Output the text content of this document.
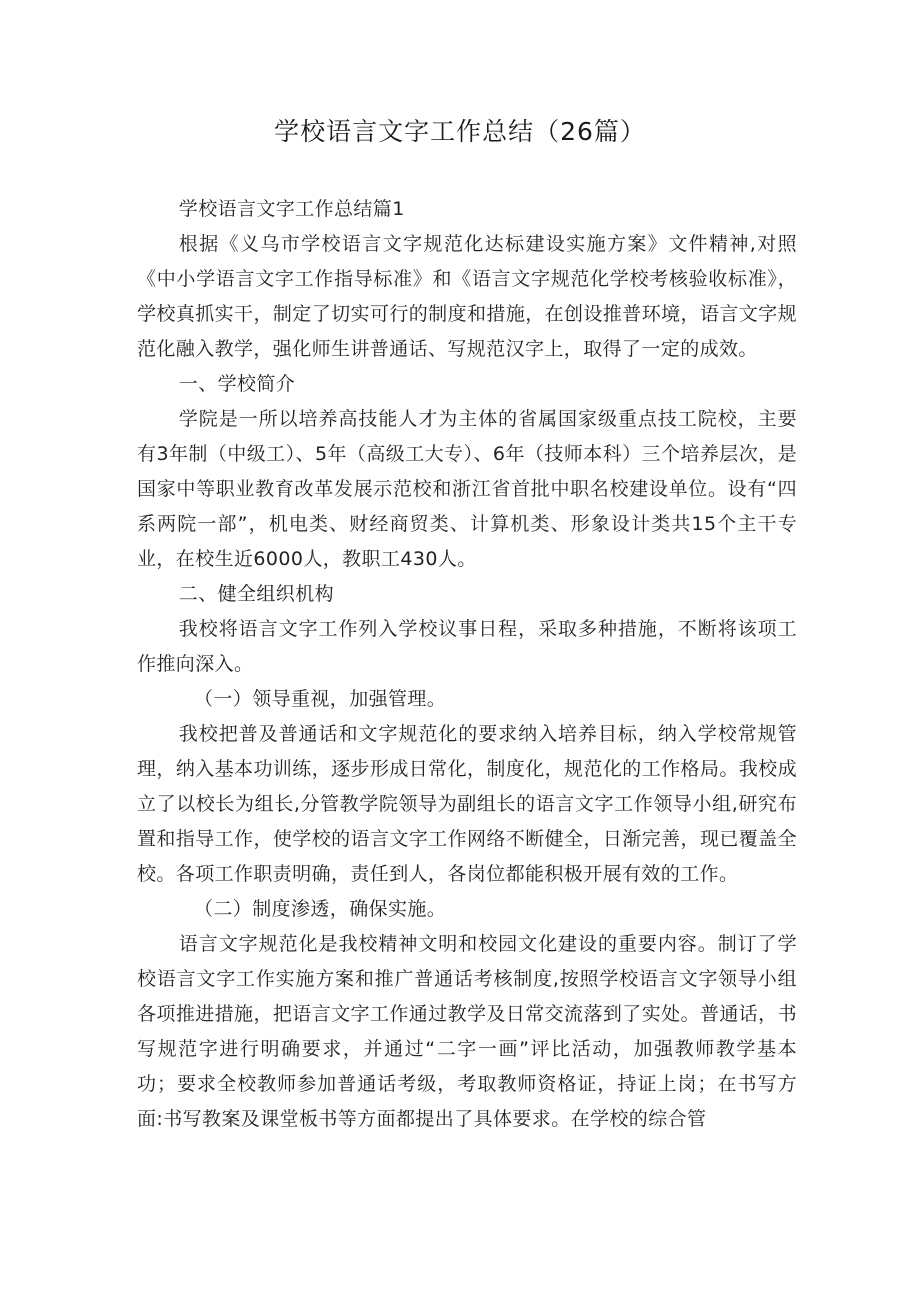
学校语言文字工作总结（26篇）

学校语言文字工作总结篇1

根据《义乌市学校语言文字规范化达标建设实施方案》文件精神,对照《中小学语言文字工作指导标准》和《语言文字规范化学校考核验收标准》，学校真抓实干，制定了切实可行的制度和措施，在创设推普环境，语言文字规范化融入教学，强化师生讲普通话、写规范汉字上，取得了一定的成效。

一、学校简介

学院是一所以培养高技能人才为主体的省属国家级重点技工院校，主要有3年制（中级工）、5年（高级工大专）、6年（技师本科）三个培养层次，是国家中等职业教育改革发展示范校和浙江省首批中职名校建设单位。设有“四系两院一部”，机电类、财经商贸类、计算机类、形象设计类共15个主干专业，在校生近6000人，教职工430人。

二、健全组织机构

我校将语言文字工作列入学校议事日程，采取多种措施，不断将该项工作推向深入。

（一）领导重视，加强管理。

我校把普及普通话和文字规范化的要求纳入培养目标，纳入学校常规管理，纳入基本功训练，逐步形成日常化，制度化，规范化的工作格局。我校成立了以校长为组长,分管教学院领导为副组长的语言文字工作领导小组,研究布置和指导工作，使学校的语言文字工作网络不断健全，日渐完善，现已覆盖全校。各项工作职责明确，责任到人，各岗位都能积极开展有效的工作。

（二）制度渗透，确保实施。

语言文字规范化是我校精神文明和校园文化建设的重要内容。制订了学校语言文字工作实施方案和推广普通话考核制度,按照学校语言文字领导小组各项推进措施，把语言文字工作通过教学及日常交流落到了实处。普通话，书写规范字进行明确要求，并通过“二字一画”评比活动，加强教师教学基本功；要求全校教师参加普通话考级，考取教师资格证，持证上岗；在书写方面:书写教案及课堂板书等方面都提出了具体要求。在学校的综合管
